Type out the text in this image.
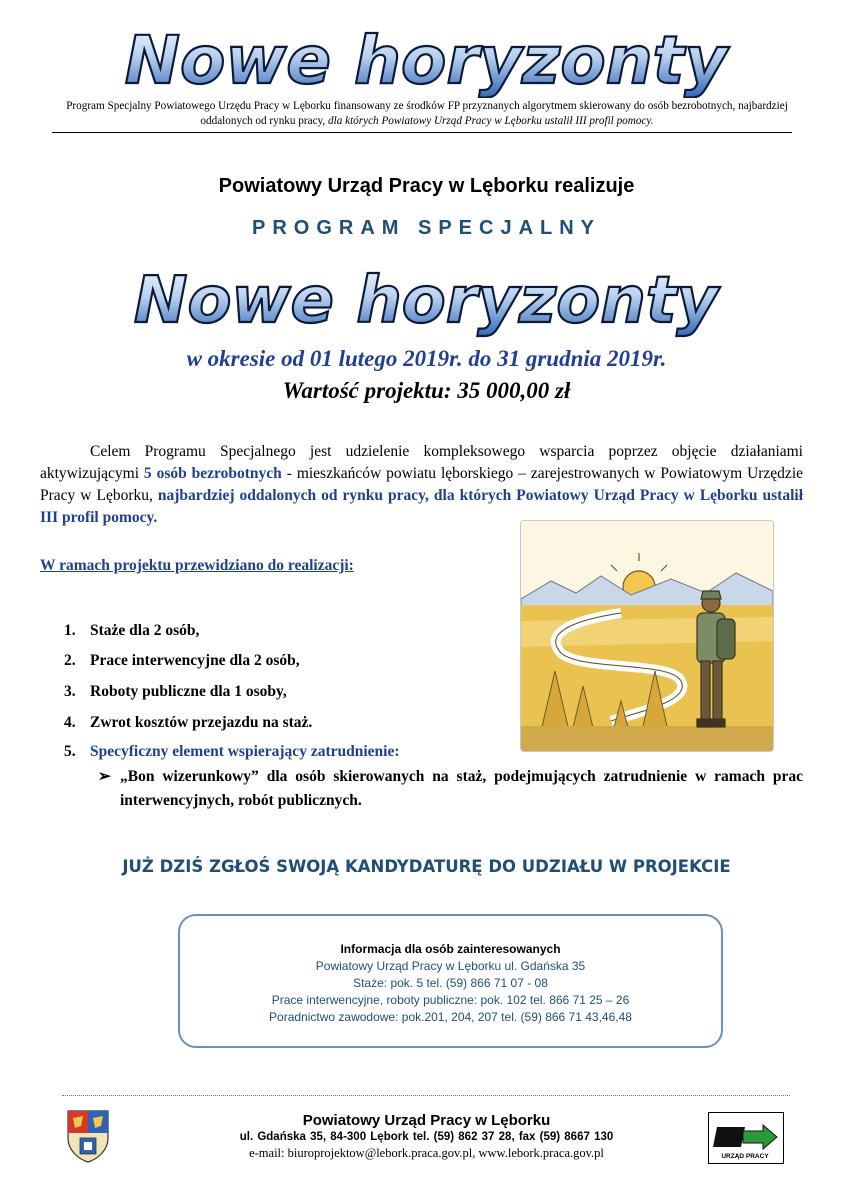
Nowe horyzonty
Program Specjalny Powiatowego Urzędu Pracy w Lęborku finansowany ze środków FP przyznanych algorytmem skierowany do osób bezrobotnych, najbardziej oddalonych od rynku pracy, dla których Powiatowy Urząd Pracy w Lęborku ustalił III profil pomocy.
Powiatowy Urząd Pracy w Lęborku realizuje
PROGRAM SPECJALNY
Nowe horyzonty
w okresie od 01 lutego 2019r. do 31 grudnia 2019r.
Wartość projektu: 35 000,00 zł
Celem Programu Specjalnego jest udzielenie kompleksowego wsparcia poprzez objęcie działaniami aktywizującymi 5 osób bezrobotnych - mieszkańców powiatu lęborskiego – zarejestrowanych w Powiatowym Urzędzie Pracy w Lęborku, najbardziej oddalonych od rynku pracy, dla których Powiatowy Urząd Pracy w Lęborku ustalił III profil pomocy.
W ramach projektu przewidziano do realizacji:
1. Staże dla 2 osób,
2. Prace interwencyjne dla 2 osób,
3. Roboty publiczne dla 1 osoby,
4. Zwrot kosztów przejazdu na staż.
5. Specyficzny element wspierający zatrudnienie:
➢ „Bon wizerunkowy” dla osób skierowanych na staż, podejmujących zatrudnienie w ramach prac interwencyjnych, robót publicznych.
JUŻ DZIŚ ZGŁOŚ SWOJĄ KANDYDATURĘ DO UDZIAŁU W PROJEKCIE
Informacja dla osób zainteresowanych
Powiatowy Urząd Pracy w Lęborku ul. Gdańska 35
Staże: pok. 5 tel. (59) 866 71 07 - 08
Prace interwencyjne, roboty publiczne: pok. 102 tel. 866 71 25 – 26
Poradnictwo zawodowe: pok.201, 204, 207 tel. (59) 866 71 43,46,48
Powiatowy Urząd Pracy w Lęborku
ul. Gdańska 35, 84-300 Lębork tel. (59) 862 37 28, fax (59) 8667 130
e-mail: biuroprojektow@lebork.praca.gov.pl, www.lebork.praca.gov.pl	URZĄD PRACY
